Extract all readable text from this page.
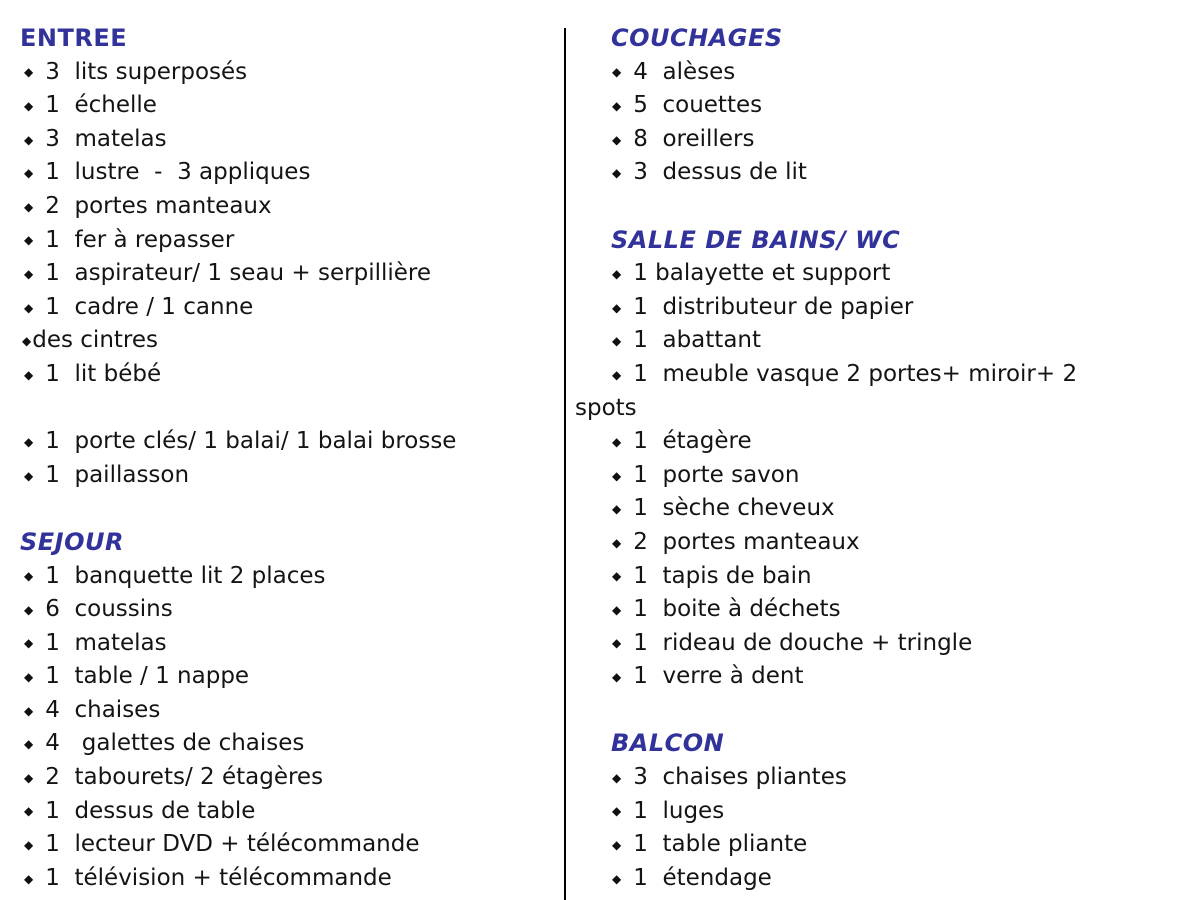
ENTREE
◆ 3  lits superposés
◆ 1  échelle
◆ 3  matelas
◆ 1  lustre  -  3 appliques
◆ 2  portes manteaux
◆ 1  fer à repasser
◆ 1  aspirateur/ 1 seau + serpillière
◆ 1  cadre / 1 canne
◆ des cintres
◆ 1  lit bébé
◆ 1  porte clés/ 1 balai/ 1 balai brosse
◆ 1  paillasson
SEJOUR
◆ 1  banquette lit 2 places
◆ 6  coussins
◆ 1  matelas
◆ 1  table / 1 nappe
◆ 4  chaises
◆ 4   galettes de chaises
◆ 2  tabourets/ 2 étagères
◆ 1  dessus de table
◆ 1  lecteur DVD + télécommande
◆ 1  télévision + télécommande
COUCHAGES
◆ 4  alèses
◆ 5  couettes
◆ 8  oreillers
◆ 3  dessus de lit
SALLE DE BAINS/ WC
◆ 1 balayette et support
◆ 1  distributeur de papier
◆ 1  abattant
◆ 1  meuble vasque 2 portes+ miroir+ 2
spots
◆ 1  étagère
◆ 1  porte savon
◆ 1  sèche cheveux
◆ 2  portes manteaux
◆ 1  tapis de bain
◆ 1  boite à déchets
◆ 1  rideau de douche + tringle
◆ 1  verre à dent
BALCON
◆ 3  chaises pliantes
◆ 1  luges
◆ 1  table pliante
◆ 1  étendage
